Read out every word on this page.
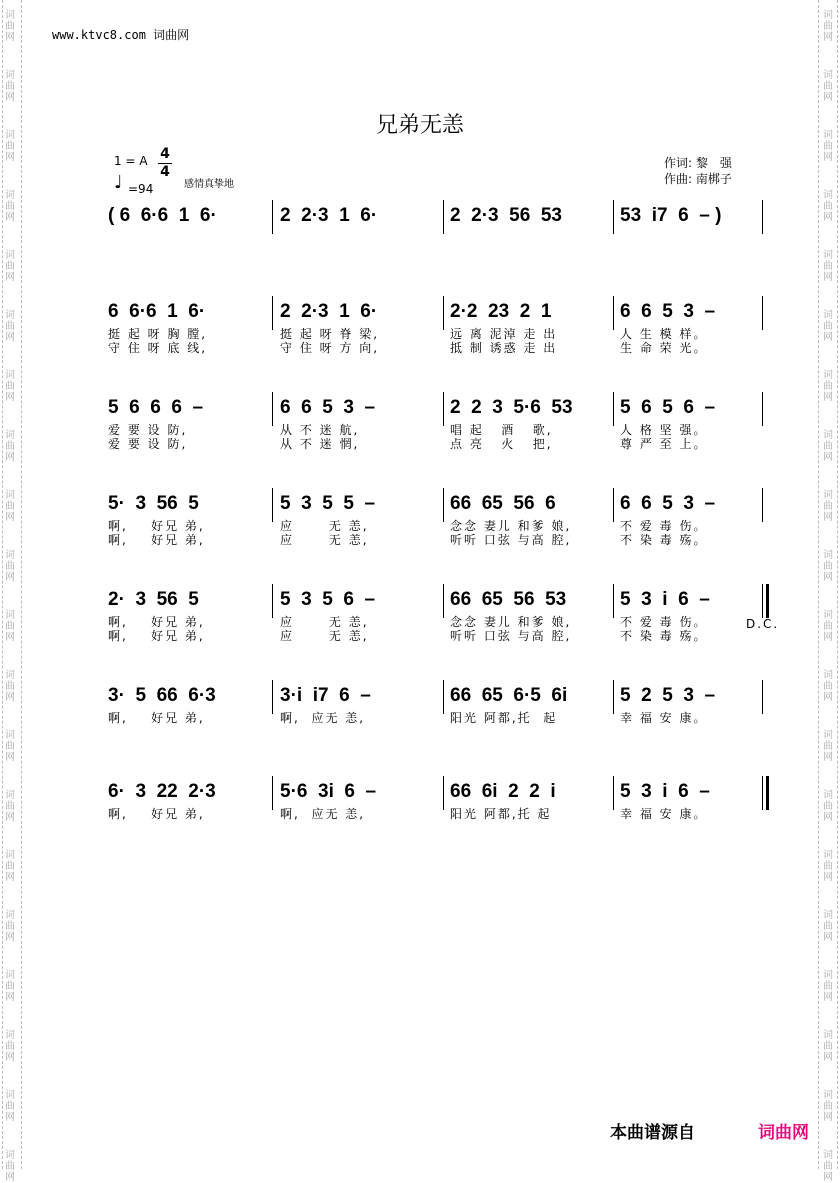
www.ktvc8.com 词曲网
兄弟无恙
1 = A 4
4
♩ =94	感情真挚地
作词: 黎　强
作曲: 南梆子
( 6  6·6  1  6·	2  2·3  1  6·	2  2·3  56  53	53  i7  6  – )
6  6·6  1  6·
挺 起 呀 胸 膛,
守 住 呀 底 线,
2  2·3  1  6·
挺 起 呀 脊 梁,
守 住 呀 方 向,
2·2  23  2  1
远 离 泥淖 走 出
抵 制 诱惑 走 出
6  6  5  3  –
人 生 模 样。
生 命 荣 光。
5  6  6  6  –
爱 要 设 防,
爱 要 设 防,
6  6  5  3  –
从 不 迷 航,
从 不 迷 惘,
2  2  3  5·6  53
唱 起   酒   歌,
点 亮   火   把,
5  6  5  6  –
人 格 坚 强。
尊 严 至 上。
5·  3  56  5
啊,    好兄 弟,
啊,    好兄 弟,
5  3  5  5  –
应      无 恙,
应      无 恙,
66  65  56  6
念念 妻儿 和爹 娘,
听听 口弦 与高 腔,
6  6  5  3  –
不 爱 毒 伤。
不 染 毒 殇。
2·  3  56  5
啊,    好兄 弟,
啊,    好兄 弟,
5  3  5  6  –
应      无 恙,
应      无 恙,
66  65  56  53
念念 妻儿 和爹 娘,
听听 口弦 与高 腔,
5  3  i  6  –
不 爱 毒 伤。
不 染 毒 殇。
D.C.
3·  5  66  6·3
啊,    好兄 弟,
3·i  i7  6  –
啊,  应无 恙,
66  65  6·5  6i
阳光 阿都,托  起
5  2  5  3  –
幸 福 安 康。
6·  3  22  2·3
啊,    好兄 弟,
5·6  3i  6  –
啊,  应无 恙,
66  6i  2  2  i
阳光 阿都,托 起
5  3  i  6  –
幸 福 安 康。
本曲谱源自	词曲网
词
曲
网
词
曲
网
词
曲
网
词
曲
网
词
曲
网
词
曲
网
词
曲
网
词
曲
网
词
曲
网
词
曲
网
词
曲
网
词
曲
网
词
曲
网
词
曲
网
词
曲
网
词
曲
网
词
曲
网
词
曲
网
词
曲
网
词
曲
网
词
曲
网
词
曲
网
词
曲
网
词
曲
网
词
曲
网
词
曲
网
词
曲
网
词
曲
网
词
曲
网
词
曲
网
词
曲
网
词
曲
网
词
曲
网
词
曲
网
词
曲
网
词
曲
网
词
曲
网
词
曲
网
词
曲
网
词
曲
网
